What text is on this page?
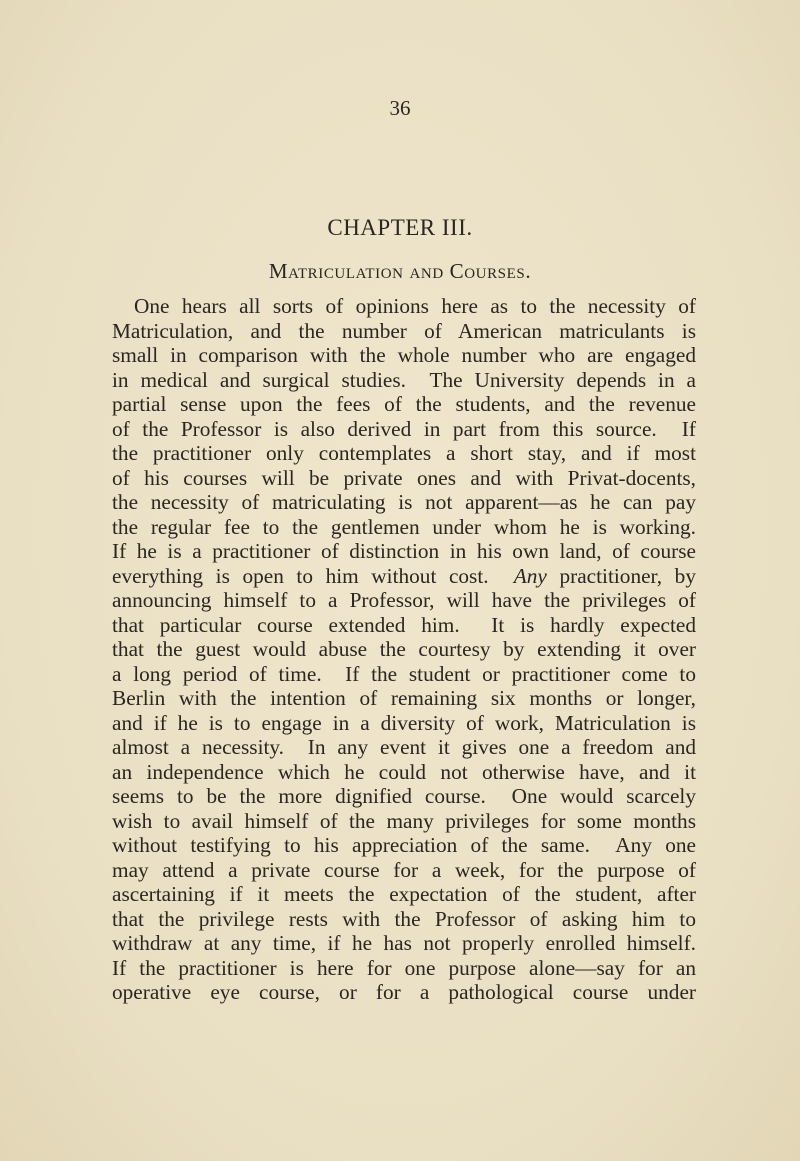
36
CHAPTER III.
Matriculation and Courses.
One hears all sorts of opinions here as to the necessity of
Matriculation, and the number of American matriculants is
small in comparison with the whole number who are engaged
in medical and surgical studies.  The University depends in a
partial sense upon the fees of the students, and the revenue
of the Professor is also derived in part from this source.  If
the practitioner only contemplates a short stay, and if most
of his courses will be private ones and with Privat-docents,
the necessity of matriculating is not apparent—as he can pay
the regular fee to the gentlemen under whom he is working.
If he is a practitioner of distinction in his own land, of course
everything is open to him without cost.  Any practitioner, by
announcing himself to a Professor, will have the privileges of
that particular course extended him.  It is hardly expected
that the guest would abuse the courtesy by extending it over
a long period of time.  If the student or practitioner come to
Berlin with the intention of remaining six months or longer,
and if he is to engage in a diversity of work, Matriculation is
almost a necessity.  In any event it gives one a freedom and
an independence which he could not otherwise have, and it
seems to be the more dignified course.  One would scarcely
wish to avail himself of the many privileges for some months
without testifying to his appreciation of the same.  Any one
may attend a private course for a week, for the purpose of
ascertaining if it meets the expectation of the student, after
that the privilege rests with the Professor of asking him to
withdraw at any time, if he has not properly enrolled himself.
If the practitioner is here for one purpose alone—say for an
operative eye course, or for a pathological course under
